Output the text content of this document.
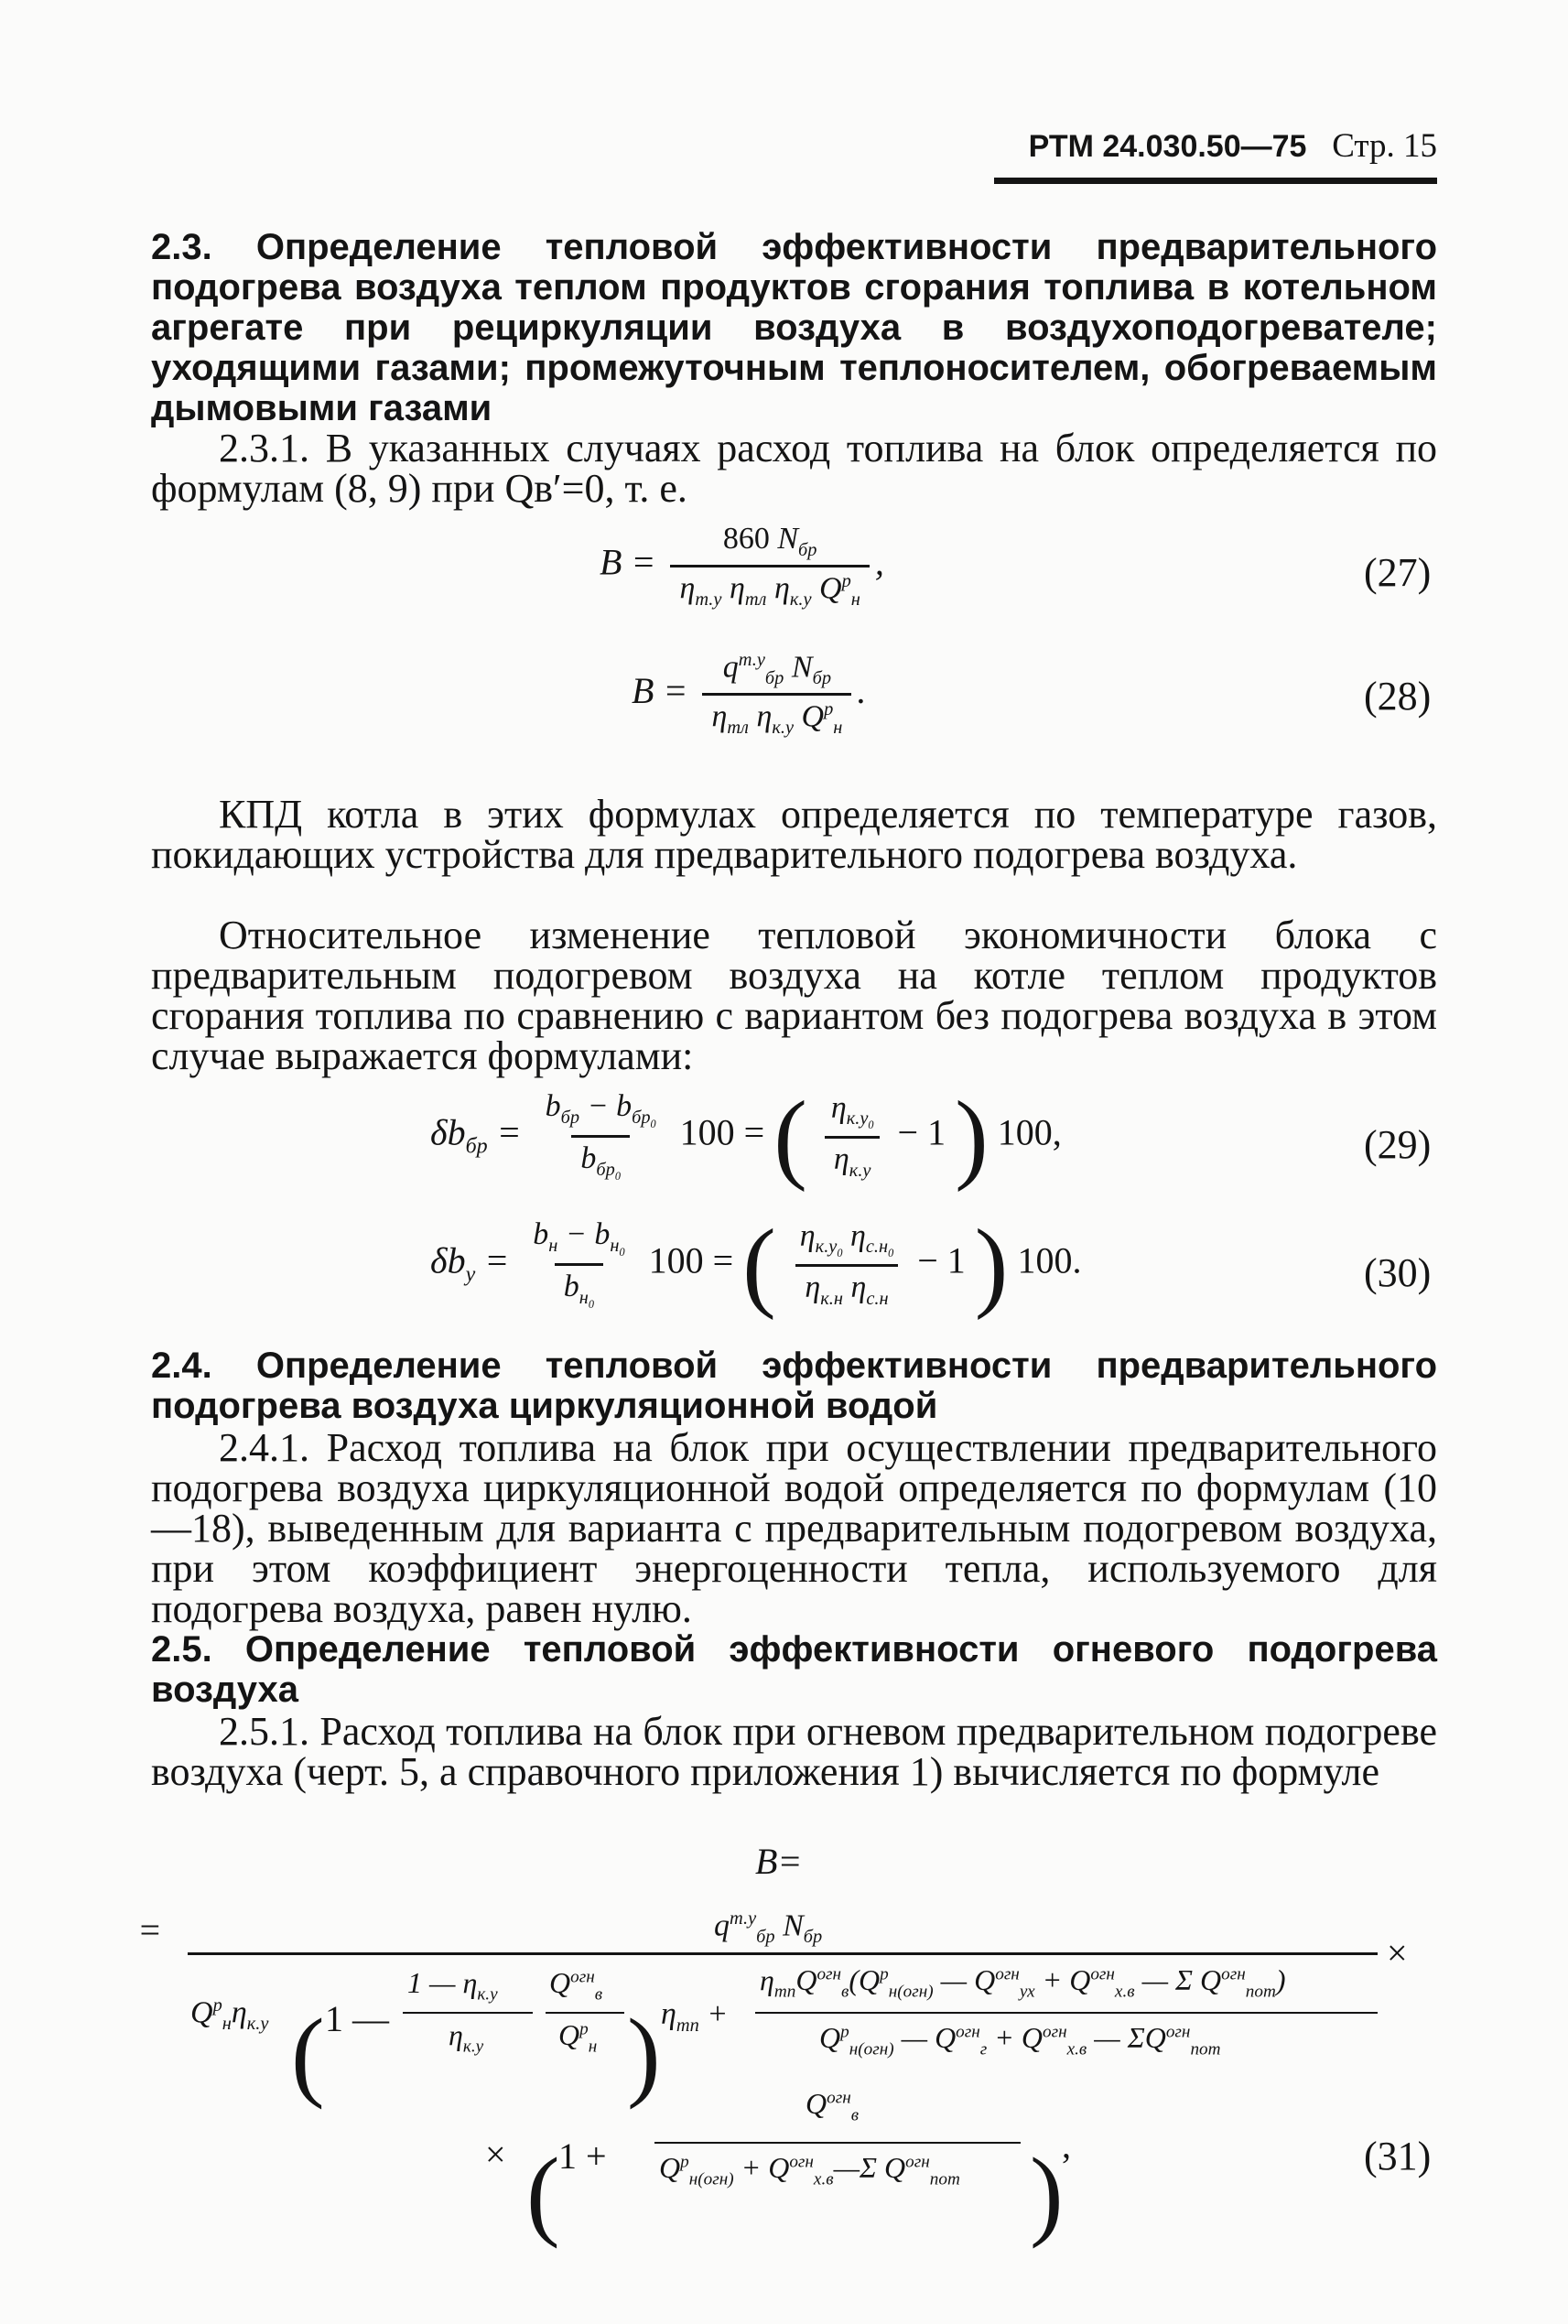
РТМ 24.030.50—75 Стр. 15
2.3. Определение тепловой эффективности предварительного подогрева воздуха теплом продуктов сгорания топлива в котельном агрегате при рециркуляции воздуха в воздухоподогревателе; уходящими газами; промежуточным теплоносителем, обогреваемым дымовыми газами
2.3.1. В указанных случаях расход топлива на блок определяется по формулам (8, 9) при Qв′=0, т. е.
$B = \frac{860 N_{бр}}{\eta_{т.у} \eta_{тл} \eta_{к.у} Q^р_н}$ ,	(27)
$B = \frac{q^{т.у}_{бр} N_{бр}}{\eta_{тл} \eta_{к.у} Q^р_н}$ .	(28)
КПД котла в этих формулах определяется по температуре газов, покидающих устройства для предварительного подогрева воздуха.
Относительное изменение тепловой экономичности блока с предварительным подогревом воздуха на котле теплом продуктов сгорания топлива по сравнению с вариантом без подогрева воздуха в этом случае выражается формулами:
$\delta b_{бр} = \frac{b_{бр} - b_{бр_0}}{b_{бр_0}} 100$ = ( $\frac{\eta_{к.у_0}}{\eta_{к.у}} - 1$ ) 100,	(29)
$\delta b_у = \frac{b_н - b_{н_0}}{b_{н_0}} 100$ = ( $\frac{\eta_{к.у_0} \eta_{с.н_0}}{\eta_{к.н} \eta_{с.н}} - 1$ ) 100.	(30)
2.4. Определение тепловой эффективности предварительного подогрева воздуха циркуляционной водой
2.4.1. Расход топлива на блок при осуществлении предварительного подогрева воздуха циркуляционной водой определяется по формулам (10—18), выведенным для варианта с предварительным подогревом воздуха, при этом коэффициент энергоценности тепла, используемого для подогрева воздуха, равен нулю.
2.5. Определение тепловой эффективности огневого подогрева воздуха
2.5.1. Расход топлива на блок при огневом предварительном подогреве воздуха (черт. 5, а справочного приложения 1) вычисляется по формуле
B=
=	$q^{т.у}_{бр}$ $N_{бр}$	×
$Q^р_н\eta_{к.у}$ ( 1 —
1 — $\eta_{к.у}$
$\eta_{к.у}$
$Q^{огн}_в$
$Q^р_н$ ) $\eta_{тп}$ +
$\eta_{тп}Q^{огн}_в(Q^р_{н(огн)}$ — $Q^{огн}_{ух} + Q^{огн}_{х.в}$ — Σ $Q^{огн}_{пот}$)
$Q^р_{н(огн)}$ — $Q^{огн}_г + Q^{огн}_{х.в}$ — $\Sigma Q^{огн}_{пот}$
× (
1 +
$Q^{огн}_в$
$Q^р_{н(огн)}$ + $Q^{огн}_{х.в}—\Sigma$ $Q^{огн}_{пот}$ )
,	(31)
